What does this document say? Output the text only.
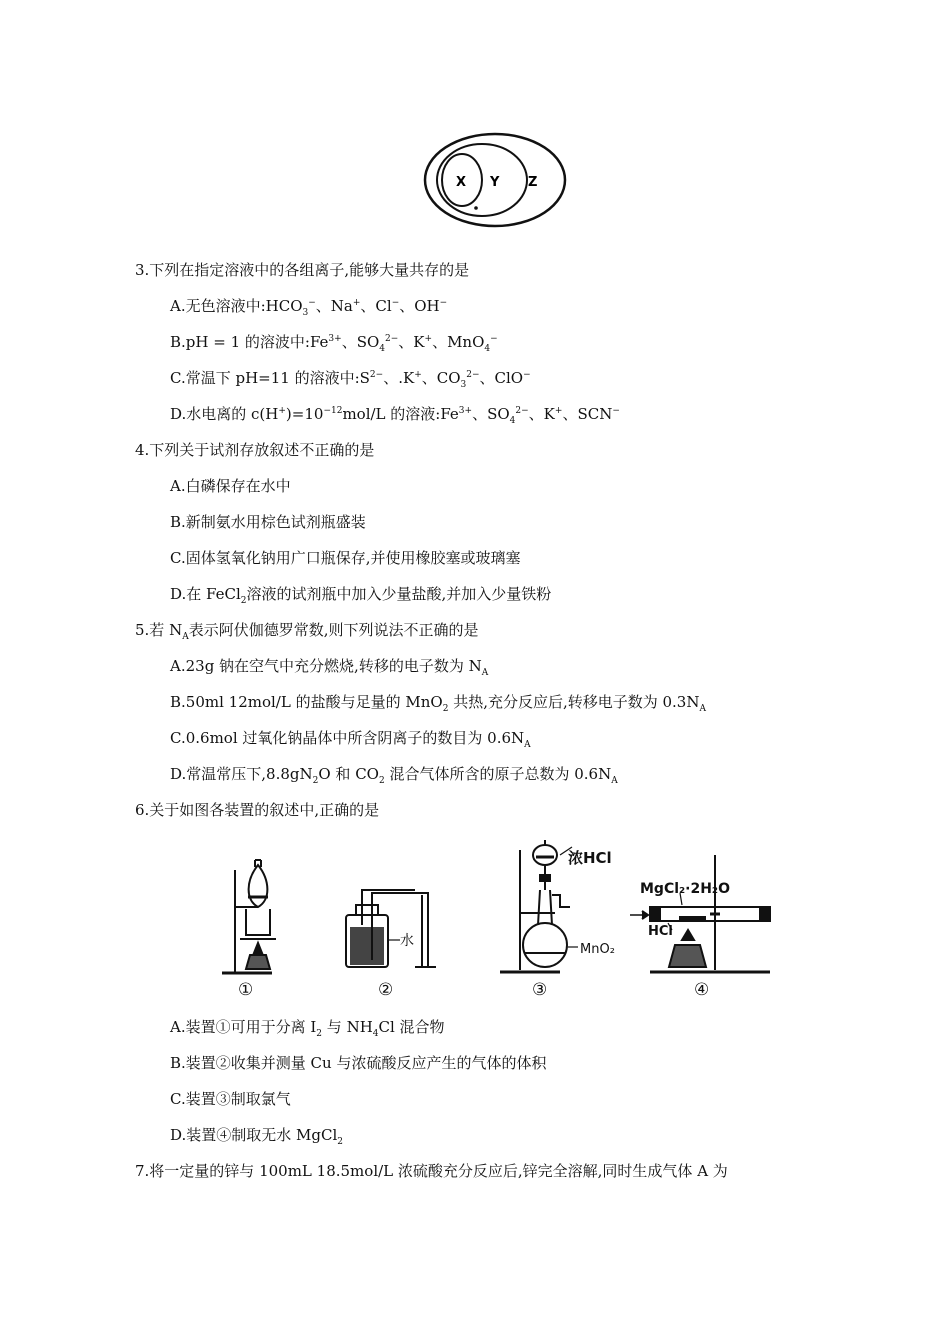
X Y Z
3.下列在指定溶液中的各组离子,能够大量共存的是
A.无色溶液中$:HCO_3^-$、Na+、Cl−、OH−
B.pH = 1 的溶波中$:Fe^{3+}$、$SO_4^{2-}$、K+、MnO$_4$−
C.常温下 pH=11 的溶液中$:S^{2-}$、.K+、$CO_3^{2-}$、ClO−
D.水电离的 $c(H^+)=10^{-12}mol/L$ 的溶液$:Fe^{3+}$、$SO_4^{2-}$、K+、SCN−
4.下列关于试剂存放叙述不正确的是
A.白磷保存在水中
B.新制氨水用棕色试剂瓶盛装
C.固体氢氧化钠用广口瓶保存,并使用橡胶塞或玻璃塞
D.在 FeCl$_2$溶液的试剂瓶中加入少量盐酸,并加入少量铁粉
5.若 $N_A$表示阿伏伽德罗常数,则下列说法不正确的是
A.23g 钠在空气中充分燃烧,转移的电子数为 $N_A$
B.50ml 12mol/L 的盐酸与足量的 MnO$_2$ 共热,充分反应后,转移电子数为 $0.3N_A$
C.0.6mol 过氧化钠晶体中所含阴离子的数目为 $0.6N_A$
D.常温常压下$,8.8gN_2O$ 和 $CO_2$ 混合气体所含的原子总数为 $0.6N_A$
6.关于如图各装置的叙述中,正确的是
水
浓HCl
MnO₂
MgCl₂·2H₂O
HCl
①	②	③	④
A.装置①可用于分离 $I_2$ 与 $NH_4Cl$ 混合物
B.装置②收集并测量 Cu 与浓硫酸反应产生的气体的体积
C.装置③制取氯气
D.装置④制取无水 MgCl$_2$
7.将一定量的锌与 100mL 18.5mol/L 浓硫酸充分反应后,锌完全溶解,同时生成气体 A 为
